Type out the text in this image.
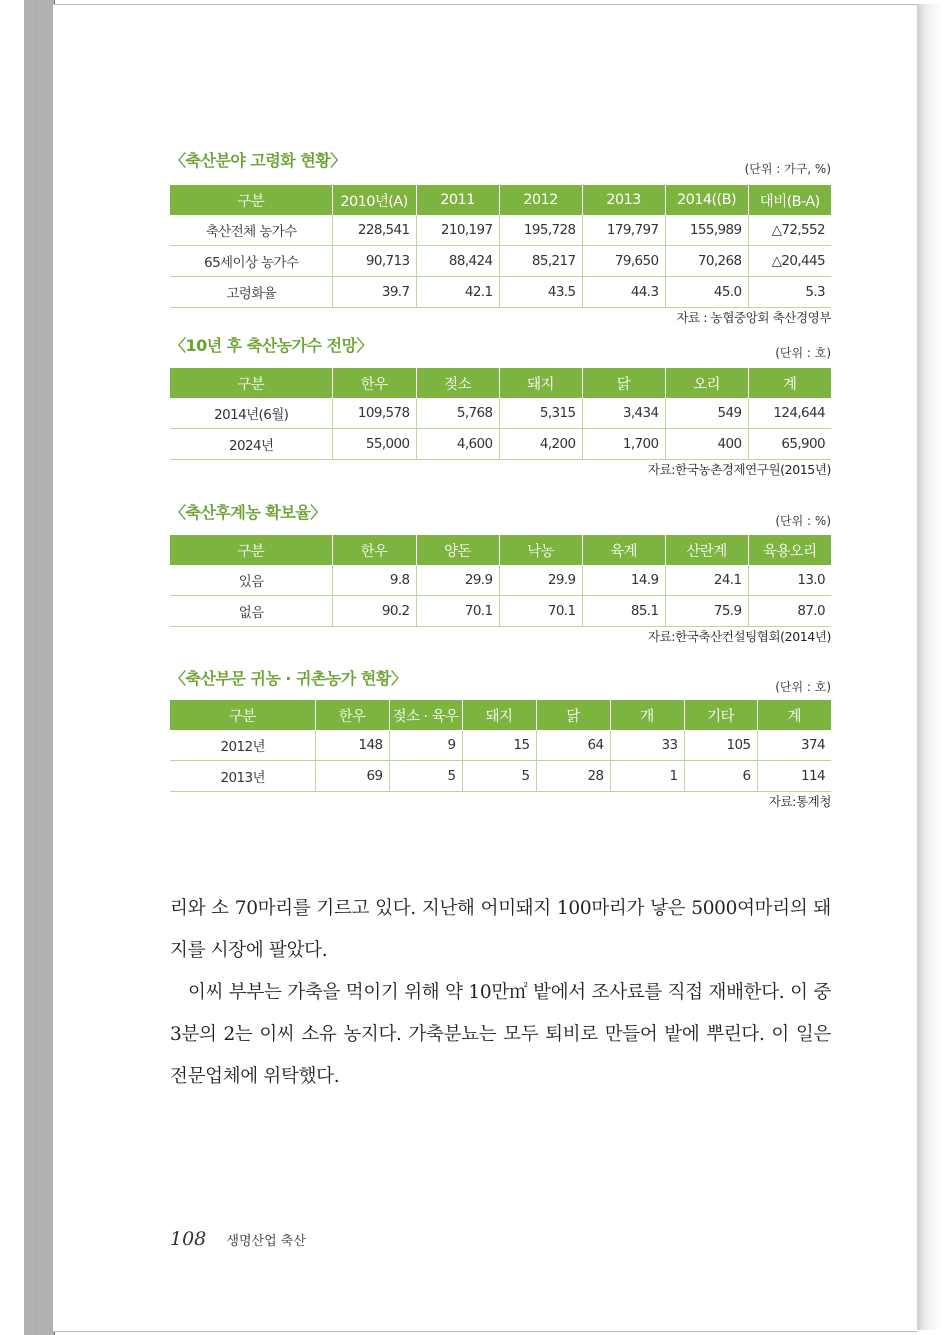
〈축산분야 고령화 현황〉	(단위 : 가구, %)
구분	2010년(A)	2011	2012	2013	2014((B)	대비(B-A)
축산전체 농가수	228,541	210,197	195,728	179,797	155,989	△72,552
65세이상 농가수	90,713	88,424	85,217	79,650	70,268	△20,445
고령화율	39.7	42.1	43.5	44.3	45.0	5.3
자료 : 농협중앙회 축산경영부
〈10년 후 축산농가수 전망〉	(단위 : 호)
구분	한우	젖소	돼지	닭	오리	계
2014년(6월)	109,578	5,768	5,315	3,434	549	124,644
2024년	55,000	4,600	4,200	1,700	400	65,900
자료:한국농촌경제연구원(2015년)
〈축산후계농 확보율〉	(단위 : %)
구분	한우	양돈	낙농	육계	산란계	육용오리
있음	9.8	29.9	29.9	14.9	24.1	13.0
없음	90.2	70.1	70.1	85.1	75.9	87.0
자료:한국축산컨설팅협회(2014년)
〈축산부문 귀농 · 귀촌농가 현황〉	(단위 : 호)
구분	한우	젖소 · 육우	돼지	닭	개	기타	계
2012년	148	9	15	64	33	105	374
2013년	69	5	5	28	1	6	114
자료:통계청

리와 소 70마리를 기르고 있다. 지난해 어미돼지 100마리가 낳은 5000여마리의 돼지를 시장에 팔았다.

이씨 부부는 가축을 먹이기 위해 약 10만㎡ 밭에서 조사료를 직접 재배한다. 이 중 3분의 2는 이씨 소유 농지다. 가축분뇨는 모두 퇴비로 만들어 밭에 뿌린다. 이 일은 전문업체에 위탁했다.

108 생명산업 축산
